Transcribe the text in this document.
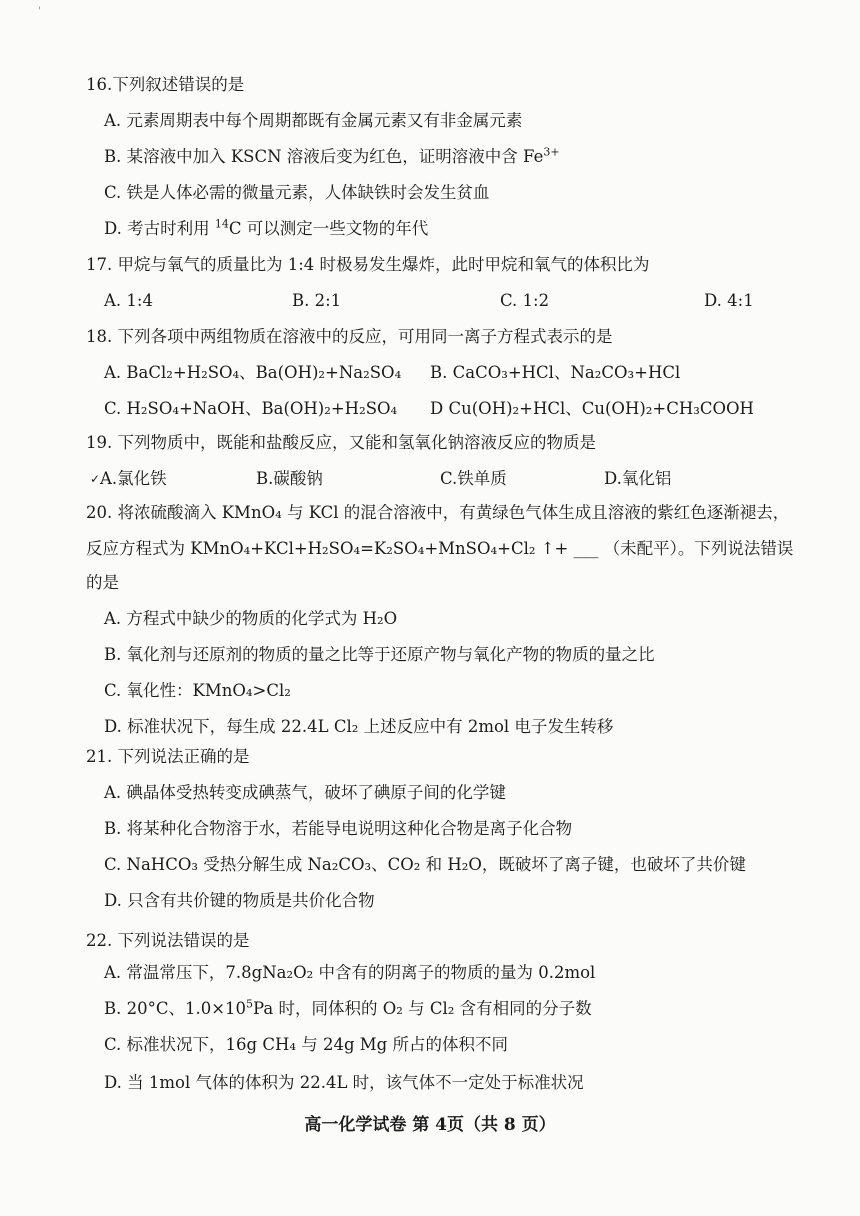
'
16.下列叙述错误的是
A. 元素周期表中每个周期都既有金属元素又有非金属元素
B. 某溶液中加入 KSCN 溶液后变为红色，证明溶液中含 $Fe^{3+}$
C. 铁是人体必需的微量元素，人体缺铁时会发生贫血
D. 考古时利用 $^{14}$C 可以测定一些文物的年代
17. 甲烷与氧气的质量比为 1:4 时极易发生爆炸，此时甲烷和氧气的体积比为
A. 1:4	B. 2:1	C. 1:2	D. 4:1
18. 下列各项中两组物质在溶液中的反应，可用同一离子方程式表示的是
A. BaCl₂+H₂SO₄、Ba(OH)₂+Na₂SO₄ B. CaCO₃+HCl、Na₂CO₃+HCl
C. H₂SO₄+NaOH、Ba(OH)₂+H₂SO₄ D Cu(OH)₂+HCl、Cu(OH)₂+CH₃COOH
19. 下列物质中，既能和盐酸反应，又能和氢氧化钠溶液反应的物质是
✓ A.氯化铁	B.碳酸钠	C.铁单质	D.氧化铝
20. 将浓硫酸滴入 KMnO₄ 与 KCl 的混合溶液中，有黄绿色气体生成且溶液的紫红色逐渐褪去，
反应方程式为 KMnO₄+KCl+H₂SO₄=K₂SO₄+MnSO₄+Cl₂ ↑+ ___ （未配平）。下列说法错误
的是
A. 方程式中缺少的物质的化学式为 H₂O
B. 氧化剂与还原剂的物质的量之比等于还原产物与氧化产物的物质的量之比
C. 氧化性：KMnO₄>Cl₂
D. 标准状况下，每生成 22.4L Cl₂ 上述反应中有 2mol 电子发生转移
21. 下列说法正确的是
A. 碘晶体受热转变成碘蒸气，破坏了碘原子间的化学键
B. 将某种化合物溶于水，若能导电说明这种化合物是离子化合物
C. NaHCO₃ 受热分解生成 Na₂CO₃、CO₂ 和 H₂O，既破坏了离子键，也破坏了共价键
D. 只含有共价键的物质是共价化合物
22. 下列说法错误的是
A. 常温常压下，7.8gNa₂O₂ 中含有的阴离子的物质的量为 0.2mol
B. 20°C、$1.0\times 10^5Pa$ 时，同体积的 O₂ 与 Cl₂ 含有相同的分子数
C. 标准状况下，16g CH₄ 与 24g Mg 所占的体积不同
D. 当 1mol 气体的体积为 22.4L 时，该气体不一定处于标准状况
高一化学试卷 第 4页（共 8 页）
